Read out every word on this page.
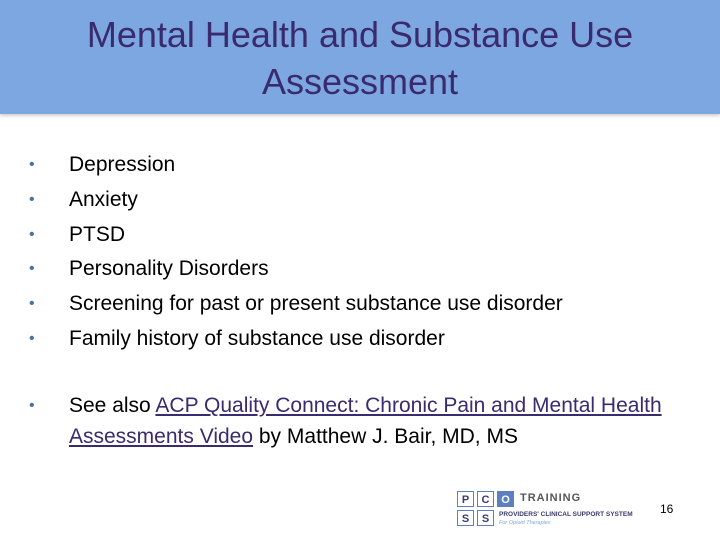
Mental Health and Substance Use Assessment
• Depression
• Anxiety
• PTSD
• Personality Disorders
• Screening for past or present substance use disorder
• Family history of substance use disorder
• See also ACP Quality Connect: Chronic Pain and Mental Health Assessments Video by Matthew J. Bair, MD, MS
P	C	O
S	S
TRAINING
PROVIDERS' CLINICAL SUPPORT SYSTEM
For Opioid Therapies
16
